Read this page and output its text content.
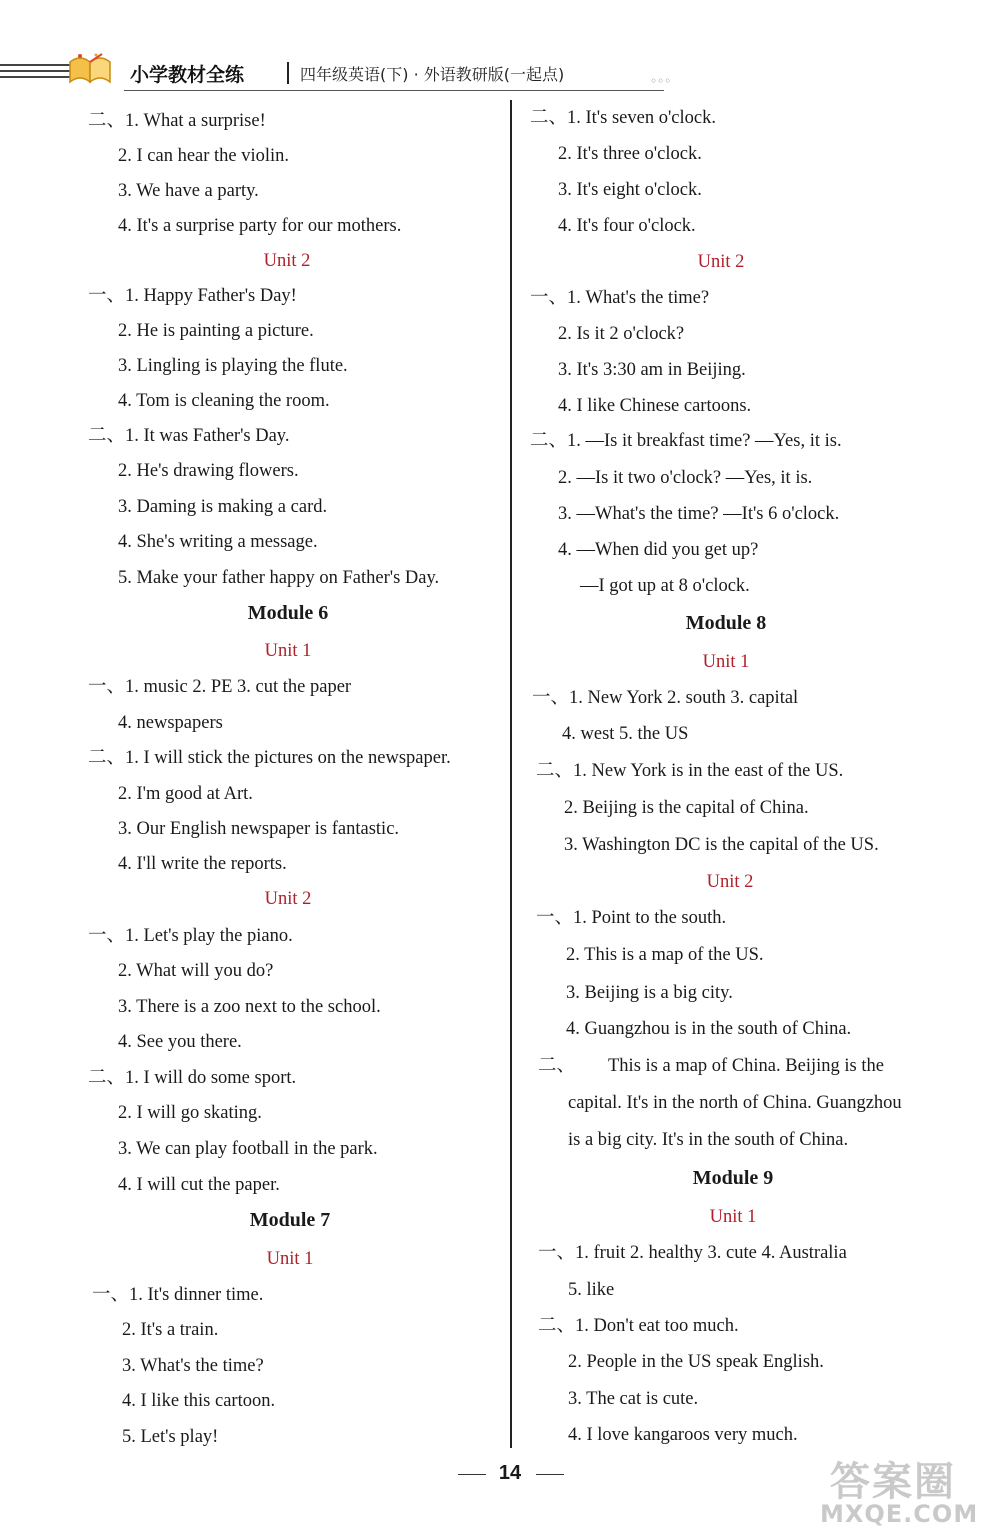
小学教材全练	四年级英语(下) · 外语教研版(一起点)	◦◦◦
二、1. What a surprise!
2. I can hear the violin.
3. We have a party.
4. It's a surprise party for our mothers.
Unit 2
一、1. Happy Father's Day!
2. He is painting a picture.
3. Lingling is playing the flute.
4. Tom is cleaning the room.
二、1. It was Father's Day.
2. He's drawing flowers.
3. Daming is making a card.
4. She's writing a message.
5. Make your father happy on Father's Day.
Module 6
Unit 1
一、1. music 2. PE 3. cut the paper
4. newspapers
二、1. I will stick the pictures on the newspaper.
2. I'm good at Art.
3. Our English newspaper is fantastic.
4. I'll write the reports.
Unit 2
一、1. Let's play the piano.
2. What will you do?
3. There is a zoo next to the school.
4. See you there.
二、1. I will do some sport.
2. I will go skating.
3. We can play football in the park.
4. I will cut the paper.
Module 7
Unit 1
一、1. It's dinner time.
2. It's a train.
3. What's the time?
4. I like this cartoon.
5. Let's play!
二、1. It's seven o'clock.
2. It's three o'clock.
3. It's eight o'clock.
4. It's four o'clock.
Unit 2
一、1. What's the time?
2. Is it 2 o'clock?
3. It's 3:30 am in Beijing.
4. I like Chinese cartoons.
二、1. —Is it breakfast time? —Yes, it is.
2. —Is it two o'clock? —Yes, it is.
3. —What's the time? —It's 6 o'clock.
4. —When did you get up?
—I got up at 8 o'clock.
Module 8
Unit 1
一、1. New York 2. south 3. capital
4. west 5. the US
二、1. New York is in the east of the US.
2. Beijing is the capital of China.
3. Washington DC is the capital of the US.
Unit 2
一、1. Point to the south.
2. This is a map of the US.
3. Beijing is a big city.
4. Guangzhou is in the south of China.
二、 This is a map of China. Beijing is the
capital. It's in the north of China. Guangzhou
is a big city. It's in the south of China.
Module 9
Unit 1
一、1. fruit 2. healthy 3. cute 4. Australia
5. like
二、1. Don't eat too much.
2. People in the US speak English.
3. The cat is cute.
4. I love kangaroos very much.
14	答案圈
MXQE.COM
